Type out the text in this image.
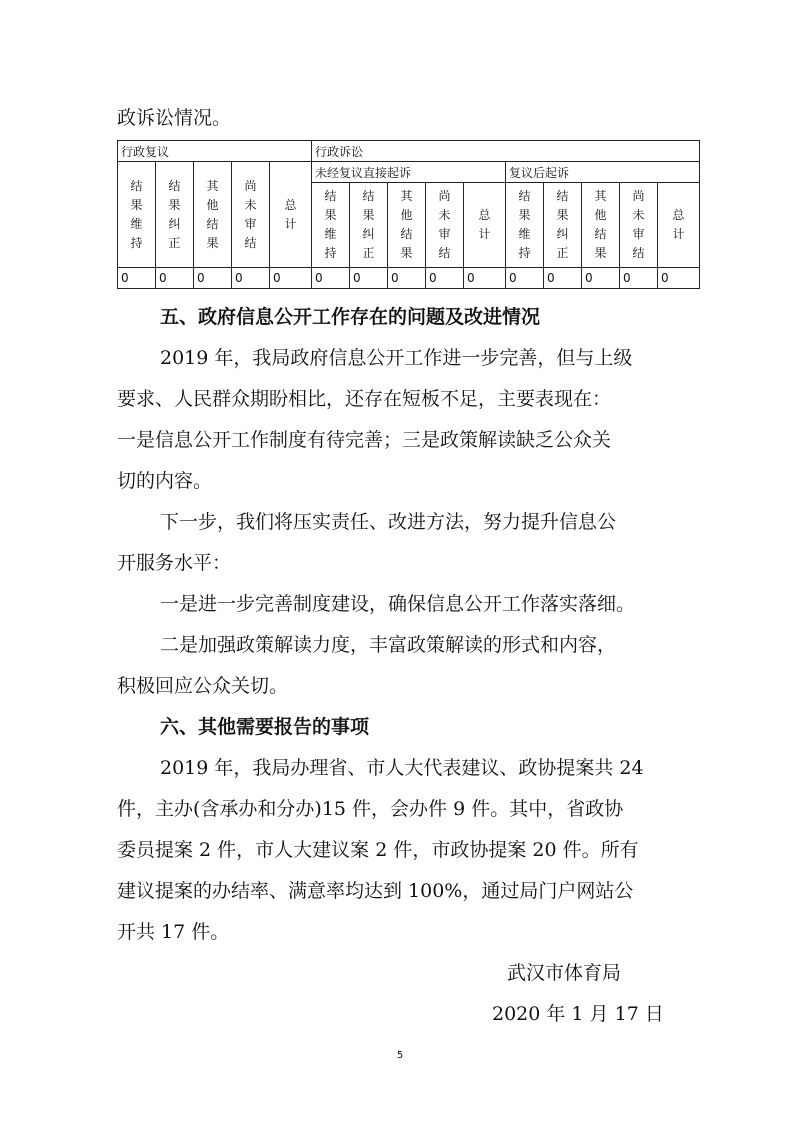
政诉讼情况。
行政复议					行政诉讼									
结果维持	结果纠正	其他结果	尚未审结	总计	未经复议直接起诉					复议后起诉				
					结果维持	结果纠正	其他结果	尚未审结	总计	结果维持	结果纠正	其他结果	尚未审结	总计
0	0	0	0	0	0	0	0	0	0	0	0	0	0	0
五、政府信息公开工作存在的问题及改进情况
2019 年，我局政府信息公开工作进一步完善，但与上级
要求、人民群众期盼相比，还存在短板不足，主要表现在：
一是信息公开工作制度有待完善；三是政策解读缺乏公众关
切的内容。
下一步，我们将压实责任、改进方法，努力提升信息公
开服务水平：
一是进一步完善制度建设，确保信息公开工作落实落细。
二是加强政策解读力度，丰富政策解读的形式和内容，
积极回应公众关切。
六、其他需要报告的事项
2019 年，我局办理省、市人大代表建议、政协提案共 24
件，主办(含承办和分办)15 件，会办件 9 件。其中，省政协
委员提案 2 件，市人大建议案 2 件，市政协提案 20 件。所有
建议提案的办结率、满意率均达到 100%，通过局门户网站公
开共 17 件。
武汉市体育局
2020 年 1 月 17 日
5
